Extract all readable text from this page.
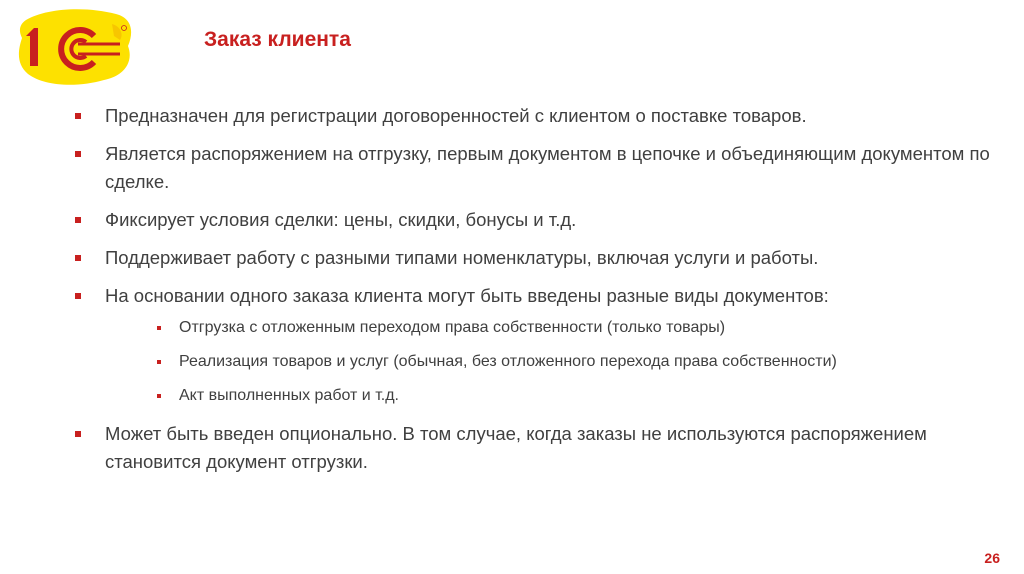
Заказ клиента
Предназначен для регистрации договоренностей с клиентом о поставке товаров.
Является распоряжением на отгрузку, первым документом в цепочке и объединяющим документом по сделке.
Фиксирует условия сделки: цены, скидки, бонусы и т.д.
Поддерживает работу с разными типами номенклатуры, включая услуги и работы.
На основании одного заказа клиента могут быть введены разные виды документов:
Отгрузка с отложенным переходом права собственности (только товары)
Реализация товаров и услуг (обычная, без отложенного перехода права собственности)
Акт выполненных работ и т.д.
Может быть введен опционально. В том случае, когда заказы не используются распоряжением становится документ отгрузки.
26
